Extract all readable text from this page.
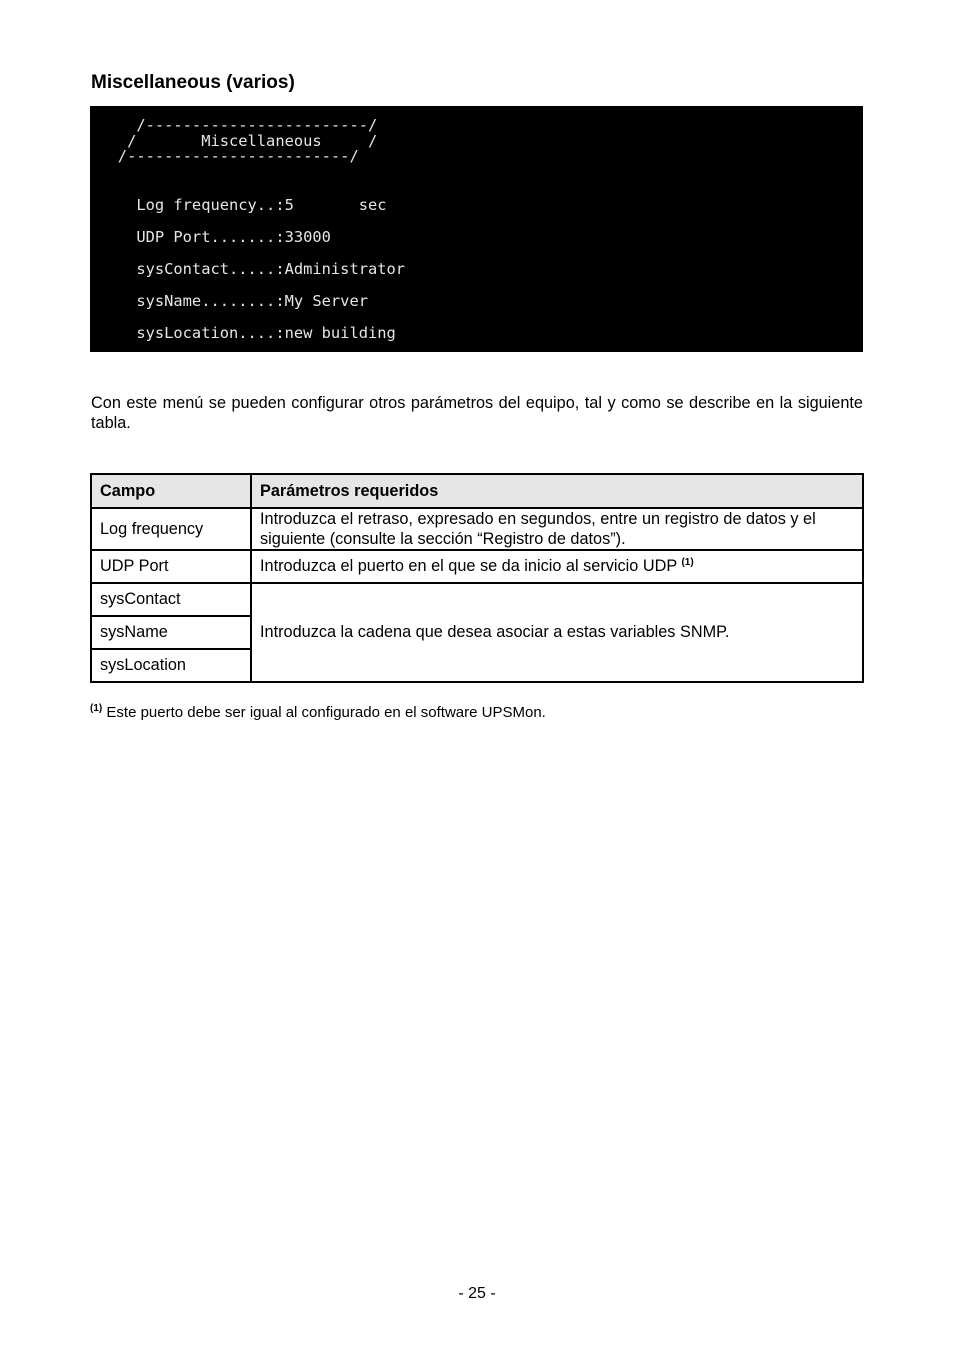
Miscellaneous (varios)
/------------------------/
/       Miscellaneous     /
/------------------------/
Log frequency..:5       sec
UDP Port.......:33000
sysContact.....:Administrator
sysName........:My Server
sysLocation....:new building

Con este menú se pueden configurar otros parámetros del equipo, tal y como se describe en la siguiente tabla.

Campo	Parámetros requeridos
Log frequency	Introduzca el retraso, expresado en segundos, entre un registro de datos y el siguiente (consulte la sección “Registro de datos”).
UDP Port	Introduzca el puerto en el que se da inicio al servicio UDP $^{(1)}$
sysContact	Introduzca la cadena que desea asociar a estas variables SNMP.
sysName	
sysLocation	

$^{(1)}$ Este puerto debe ser igual al configurado en el software UPSMon.

- 25 -
